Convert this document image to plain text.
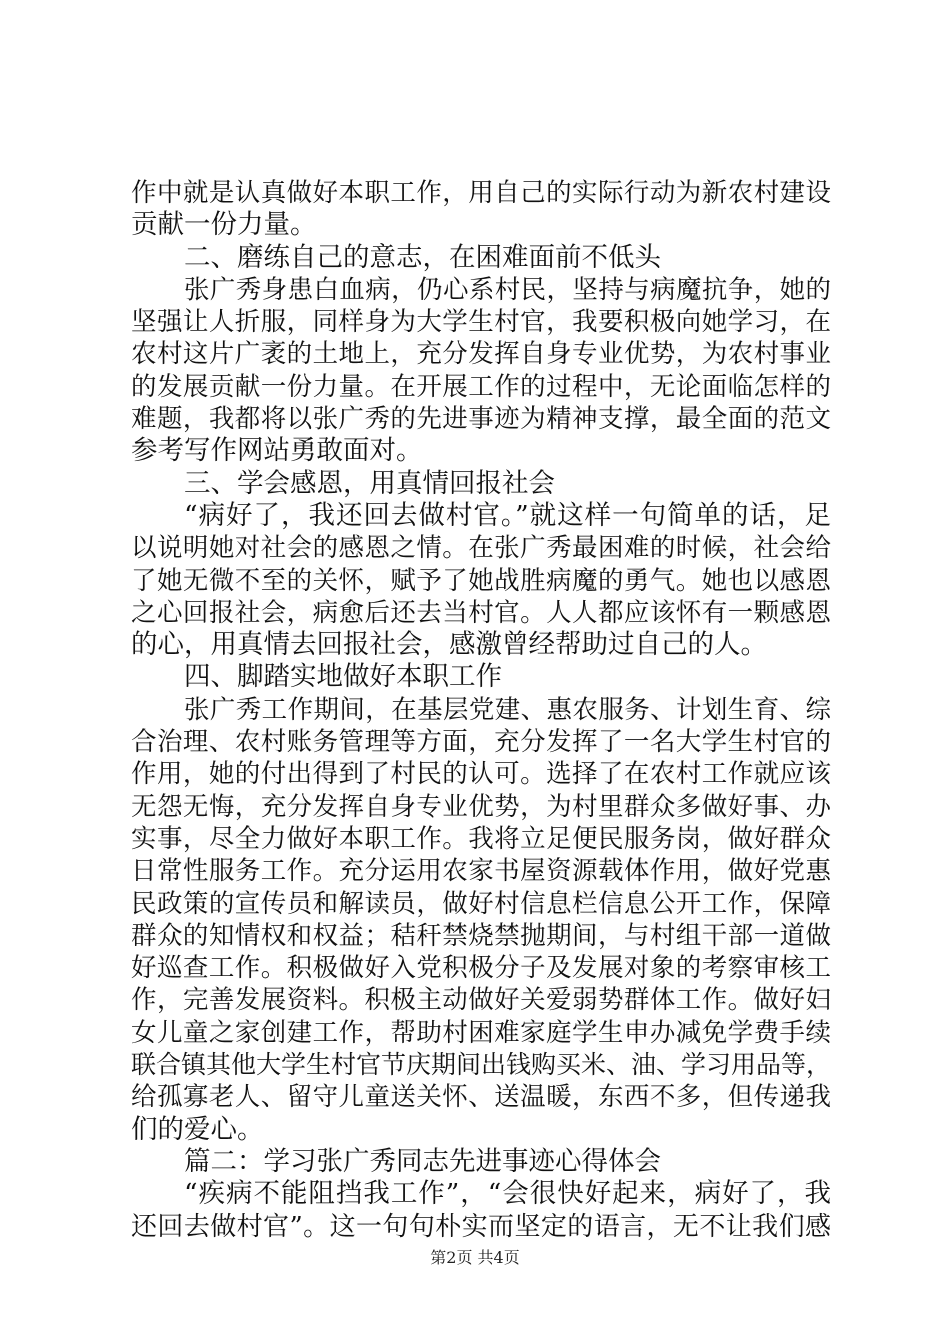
作中就是认真做好本职工作，用自己的实际行动为新农村建设
贡献一份力量。
二、磨练自己的意志，在困难面前不低头
张广秀身患白血病，仍心系村民，坚持与病魔抗争，她的
坚强让人折服，同样身为大学生村官，我要积极向她学习，在
农村这片广袤的土地上，充分发挥自身专业优势，为农村事业
的发展贡献一份力量。在开展工作的过程中，无论面临怎样的
难题，我都将以张广秀的先进事迹为精神支撑，最全面的范文
参考写作网站勇敢面对。
三、学会感恩，用真情回报社会
“病好了，我还回去做村官。”就这样一句简单的话，足
以说明她对社会的感恩之情。在张广秀最困难的时候，社会给
了她无微不至的关怀，赋予了她战胜病魔的勇气。她也以感恩
之心回报社会，病愈后还去当村官。人人都应该怀有一颗感恩
的心，用真情去回报社会，感激曾经帮助过自己的人。
四、脚踏实地做好本职工作
张广秀工作期间，在基层党建、惠农服务、计划生育、综
合治理、农村账务管理等方面，充分发挥了一名大学生村官的
作用，她的付出得到了村民的认可。选择了在农村工作就应该
无怨无悔，充分发挥自身专业优势，为村里群众多做好事、办
实事，尽全力做好本职工作。我将立足便民服务岗，做好群众
日常性服务工作。充分运用农家书屋资源载体作用，做好党惠
民政策的宣传员和解读员，做好村信息栏信息公开工作，保障
群众的知情权和权益；秸秆禁烧禁抛期间，与村组干部一道做
好巡查工作。积极做好入党积极分子及发展对象的考察审核工
作，完善发展资料。积极主动做好关爱弱势群体工作。做好妇
女儿童之家创建工作，帮助村困难家庭学生申办减免学费手续
联合镇其他大学生村官节庆期间出钱购买米、油、学习用品等，
给孤寡老人、留守儿童送关怀、送温暖，东西不多，但传递我
们的爱心。
篇二：学习张广秀同志先进事迹心得体会
“疾病不能阻挡我工作”，“会很快好起来，病好了，我
还回去做村官”。这一句句朴实而坚定的语言，无不让我们感
第2页 共4页
